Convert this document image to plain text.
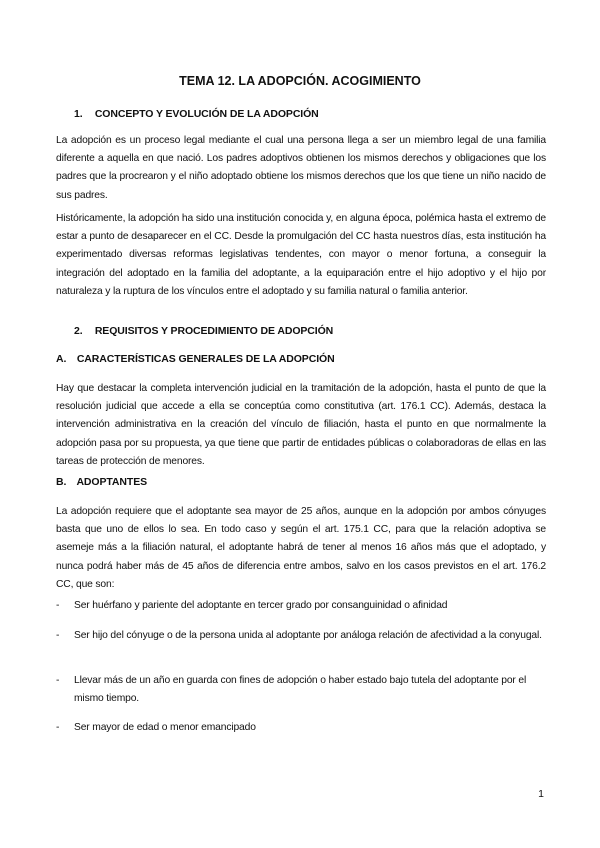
TEMA 12. LA ADOPCIÓN. ACOGIMIENTO
1. CONCEPTO Y EVOLUCIÓN DE LA ADOPCIÓN
La adopción es un proceso legal mediante el cual una persona llega a ser un miembro legal de una familia diferente a aquella en que nació. Los padres adoptivos obtienen los mismos derechos y obligaciones que los padres que la procrearon y el niño adoptado obtiene los mismos derechos que los que tiene un niño nacido de sus padres.
Históricamente, la adopción ha sido una institución conocida y, en alguna época, polémica hasta el extremo de estar a punto de desaparecer en el CC. Desde la promulgación del CC hasta nuestros días, esta institución ha experimentado diversas reformas legislativas tendentes, con mayor o menor fortuna, a conseguir la integración del adoptado en la familia del adoptante, a la equiparación entre el hijo adoptivo y el hijo por naturaleza y la ruptura de los vínculos entre el adoptado y su familia natural o familia anterior.
2. REQUISITOS Y PROCEDIMIENTO DE ADOPCIÓN
A. CARACTERÍSTICAS GENERALES DE LA ADOPCIÓN
Hay que destacar la completa intervención judicial en la tramitación de la adopción, hasta el punto de que la resolución judicial que accede a ella se conceptúa como constitutiva (art. 176.1 CC). Además, destaca la intervención administrativa en la creación del vínculo de filiación, hasta el punto en que normalmente la adopción pasa por su propuesta, ya que tiene que partir de entidades públicas o colaboradoras de ellas en las tareas de protección de menores.
B. ADOPTANTES
La adopción requiere que el adoptante sea mayor de 25 años, aunque en la adopción por ambos cónyuges basta que uno de ellos lo sea. En todo caso y según el art. 175.1 CC, para que la relación adoptiva se asemeje más a la filiación natural, el adoptante habrá de tener al menos 16 años más que el adoptado, y nunca podrá haber más de 45 años de diferencia entre ambos, salvo en los casos previstos en el art. 176.2 CC, que son:
- Ser huérfano y pariente del adoptante en tercer grado por consanguinidad o afinidad
- Ser hijo del cónyuge o de la persona unida al adoptante por análoga relación de afectividad a la conyugal.
- Llevar más de un año en guarda con fines de adopción o haber estado bajo tutela del adoptante por el mismo tiempo.
- Ser mayor de edad o menor emancipado
1
